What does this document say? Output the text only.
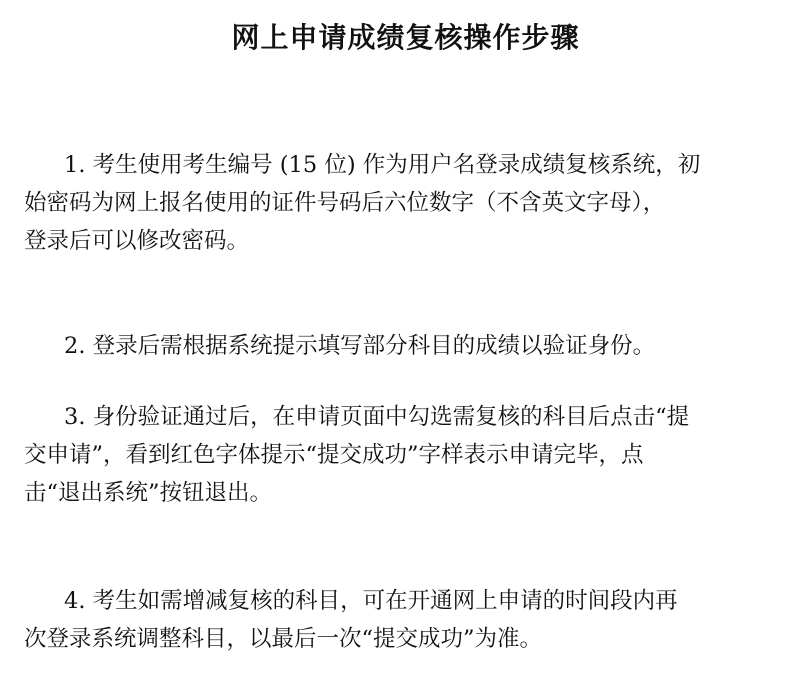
网上申请成绩复核操作步骤
1. 考生使用考生编号 (15 位) 作为用户名登录成绩复核系统，初
始密码为网上报名使用的证件号码后六位数字（不含英文字母），
登录后可以修改密码。
2. 登录后需根据系统提示填写部分科目的成绩以验证身份。
3. 身份验证通过后，在申请页面中勾选需复核的科目后点击“提
交申请”，看到红色字体提示“提交成功”字样表示申请完毕，点
击“退出系统”按钮退出。
4. 考生如需增减复核的科目，可在开通网上申请的时间段内再
次登录系统调整科目，以最后一次“提交成功”为准。
